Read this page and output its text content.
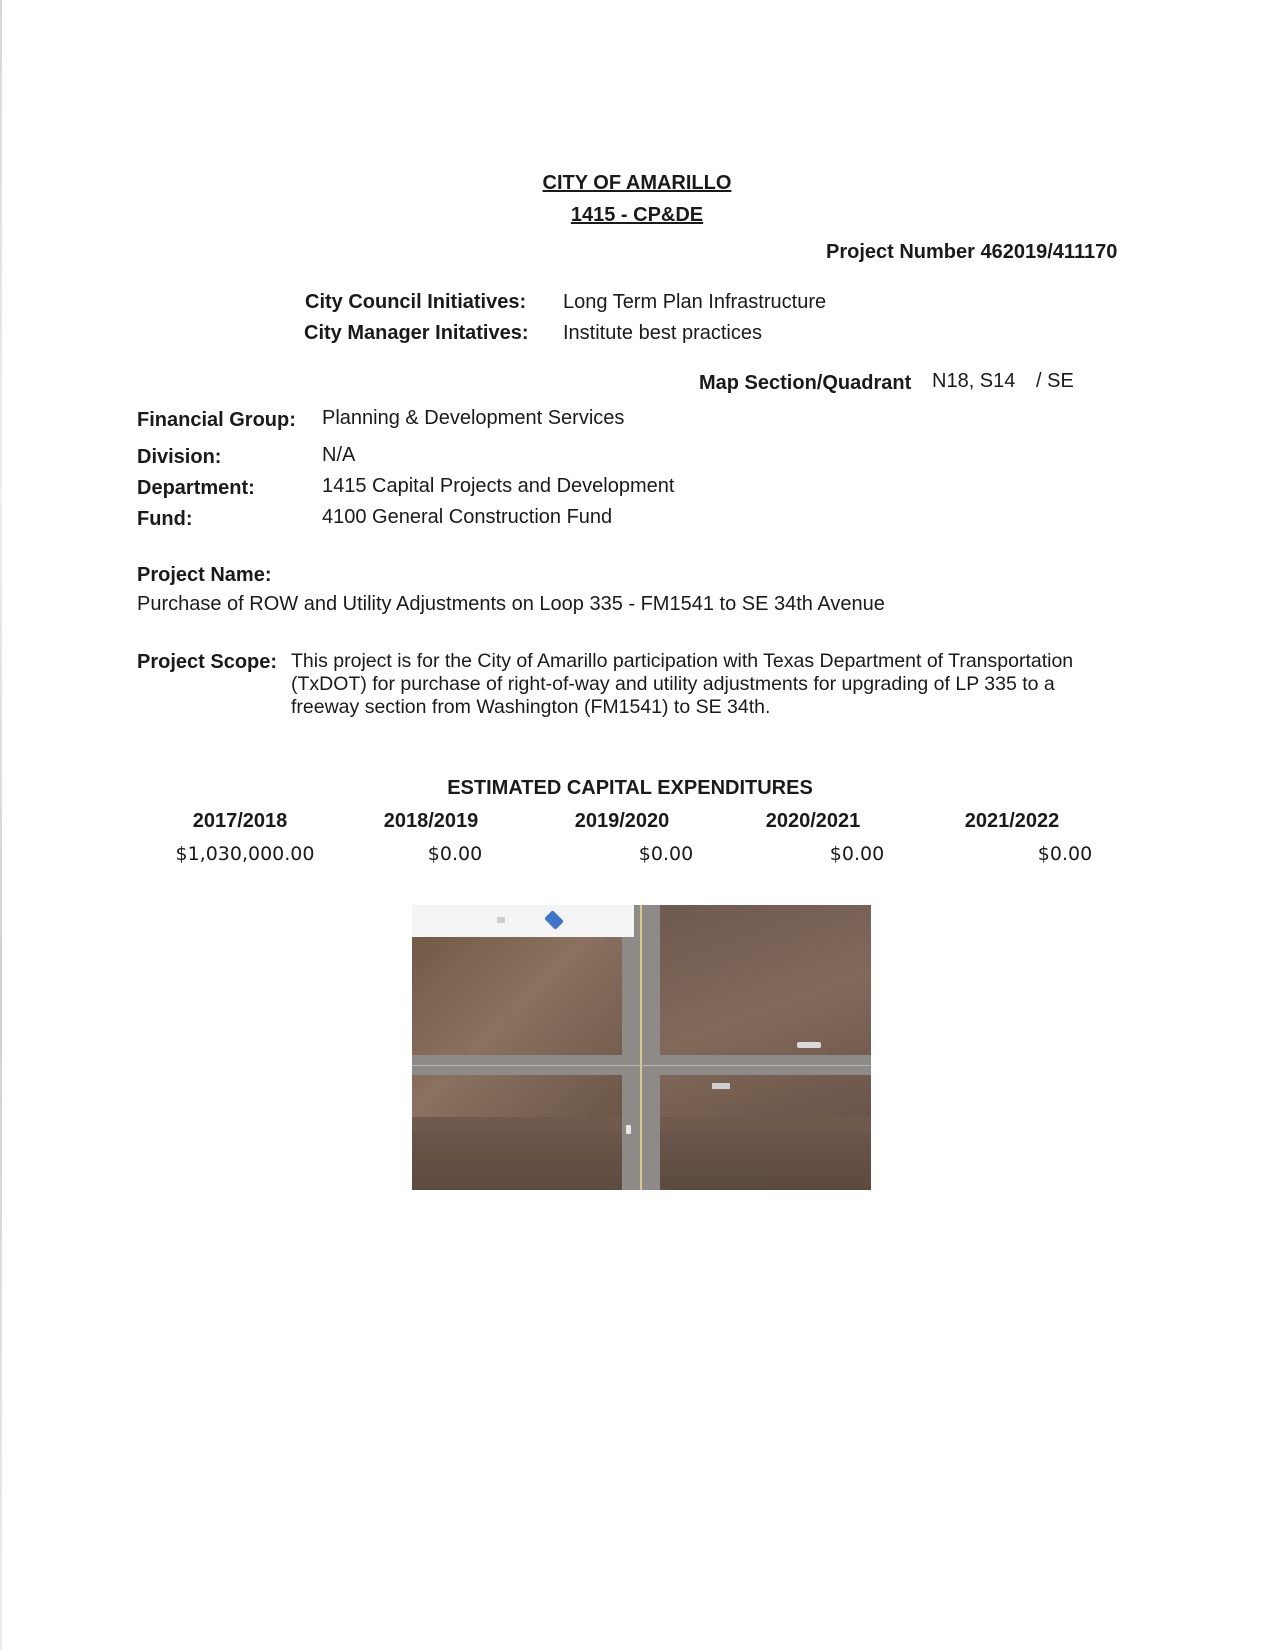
CITY OF AMARILLO
1415 - CP&DE
Project Number 462019/411170
City Council Initiatives: Long Term Plan Infrastructure
City Manager Initatives: Institute best practices
Map Section/Quadrant N18, S14 / SE
Financial Group: Planning & Development Services
Division:	N/A
Department:	1415 Capital Projects and Development
Fund:	4100 General Construction Fund
Project Name:
Purchase of ROW and Utility Adjustments on Loop 335 - FM1541 to SE 34th Avenue
Project Scope: This project is for the City of Amarillo participation with Texas Department of Transportation
(TxDOT) for purchase of right-of-way and utility adjustments for upgrading of LP 335 to a
freeway section from Washington (FM1541) to SE 34th.
ESTIMATED CAPITAL EXPENDITURES
2017/2018	2018/2019	2019/2020	2020/2021	2021/2022
$1,030,000.00	$0.00	$0.00	$0.00	$0.00
